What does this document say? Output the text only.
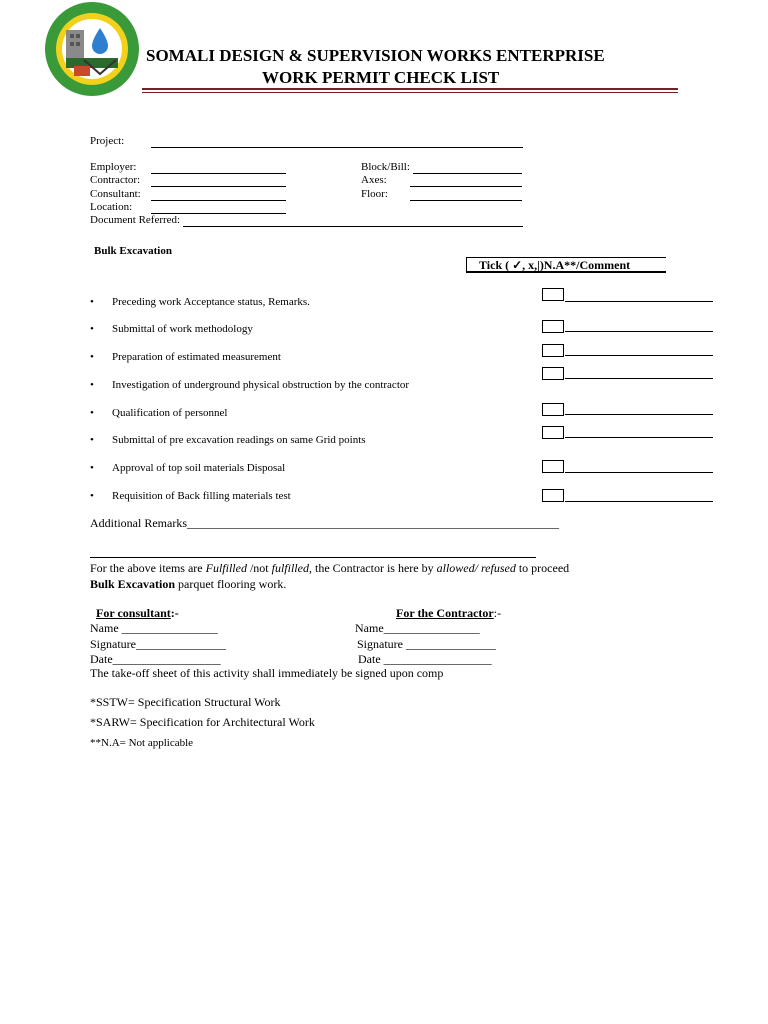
SOMALI DESIGN & SUPERVISION WORKS ENTERPRISE
WORK PERMIT CHECK LIST
Project:
Employer:
Contractor:
Consultant:
Location:
Document Referred:
Block/Bill:
Axes:
Floor:
Bulk Excavation
Tick ( ✓, x,|)N.A**/Comment
• Preceding work Acceptance status, Remarks.
• Submittal of work methodology
• Preparation of estimated measurement
• Investigation of underground physical obstruction by the contractor
• Qualification of personnel
• Submittal of pre excavation readings on same Grid points
• Approval of top soil materials Disposal
• Requisition of Back filling materials test
Additional Remarks______________________________________________________________
For the above items are Fulfilled /not fulfilled, the Contractor is here by allowed/ refused to proceed
Bulk Excavation parquet flooring work.
For consultant:-
Name ________________
Signature_______________
Date__________________
For the Contractor:-
Name________________
Signature _______________
Date __________________
The take-off sheet of this activity shall immediately be signed upon comp
*SSTW= Specification Structural Work
*SARW= Specification for Architectural Work
**N.A= Not applicable
